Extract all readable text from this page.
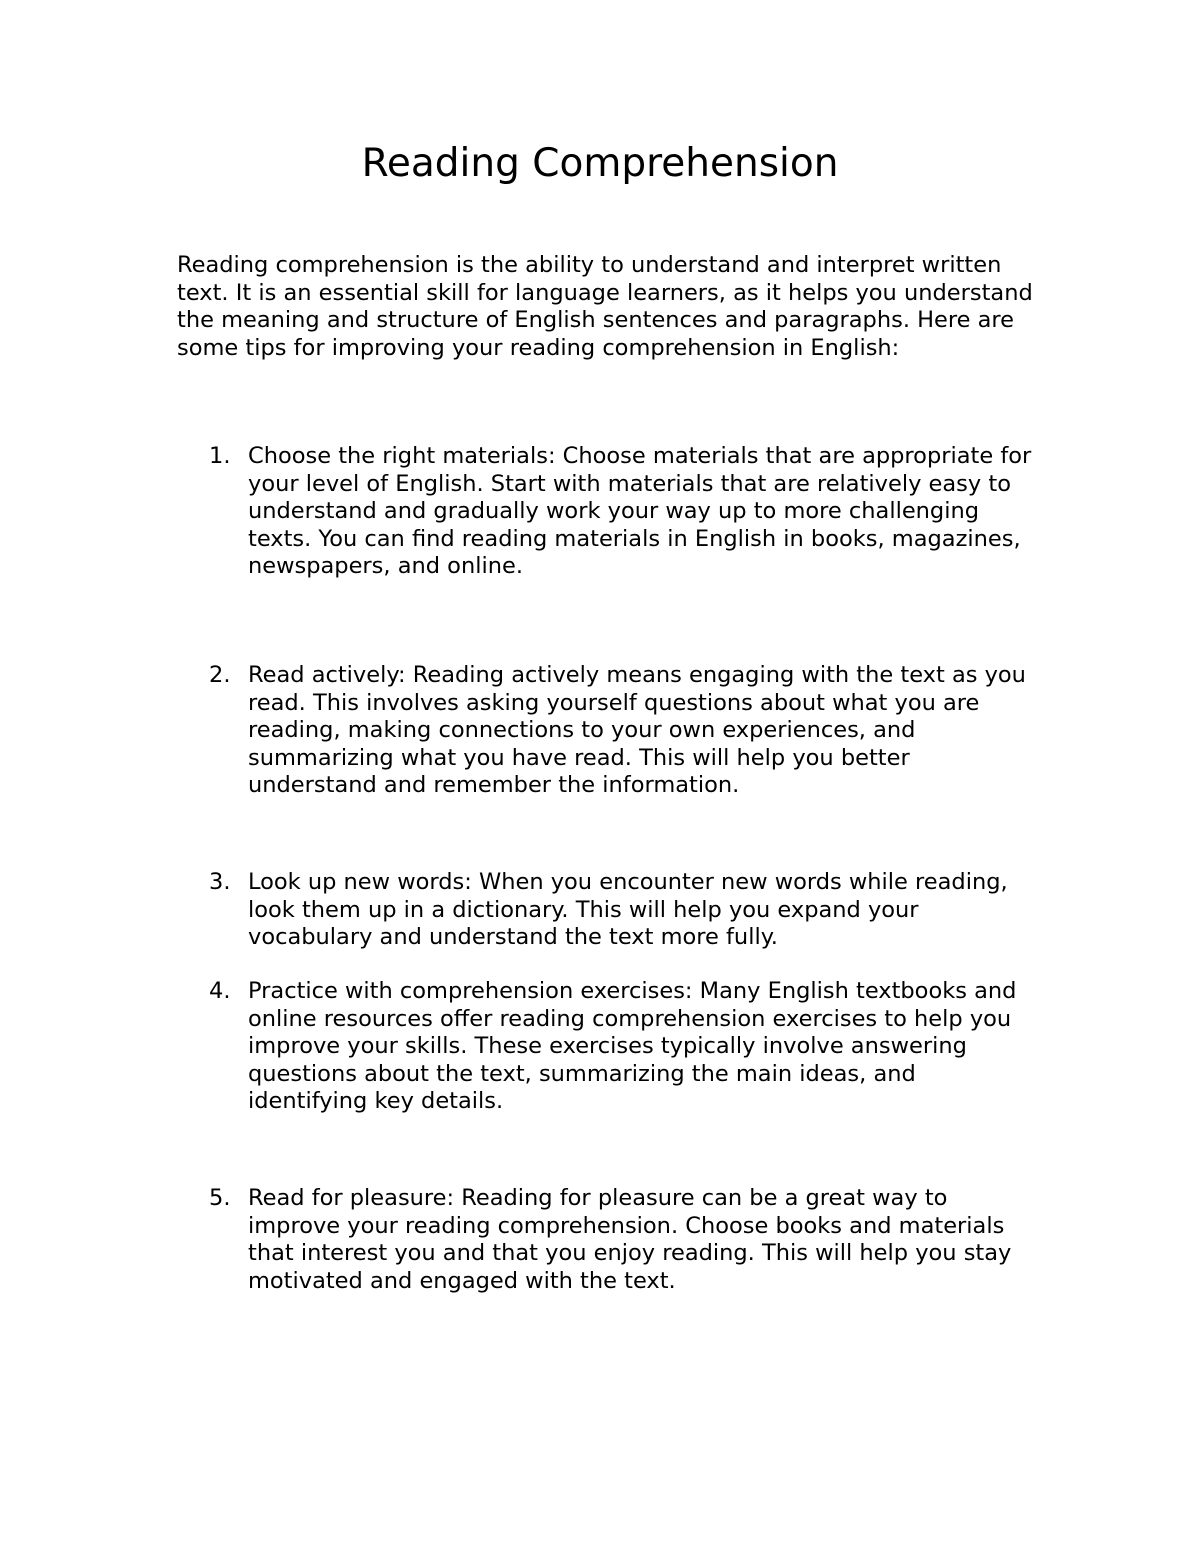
Reading Comprehension

Reading comprehension is the ability to understand and interpret written text. It is an essential skill for language learners, as it helps you understand the meaning and structure of English sentences and paragraphs. Here are some tips for improving your reading comprehension in English:

1. Choose the right materials: Choose materials that are appropriate for your level of English. Start with materials that are relatively easy to understand and gradually work your way up to more challenging texts. You can find reading materials in English in books, magazines, newspapers, and online.
2. Read actively: Reading actively means engaging with the text as you read. This involves asking yourself questions about what you are reading, making connections to your own experiences, and summarizing what you have read. This will help you better understand and remember the information.
3. Look up new words: When you encounter new words while reading, look them up in a dictionary. This will help you expand your vocabulary and understand the text more fully.
4. Practice with comprehension exercises: Many English textbooks and online resources offer reading comprehension exercises to help you improve your skills. These exercises typically involve answering questions about the text, summarizing the main ideas, and identifying key details.
5. Read for pleasure: Reading for pleasure can be a great way to improve your reading comprehension. Choose books and materials that interest you and that you enjoy reading. This will help you stay motivated and engaged with the text.
